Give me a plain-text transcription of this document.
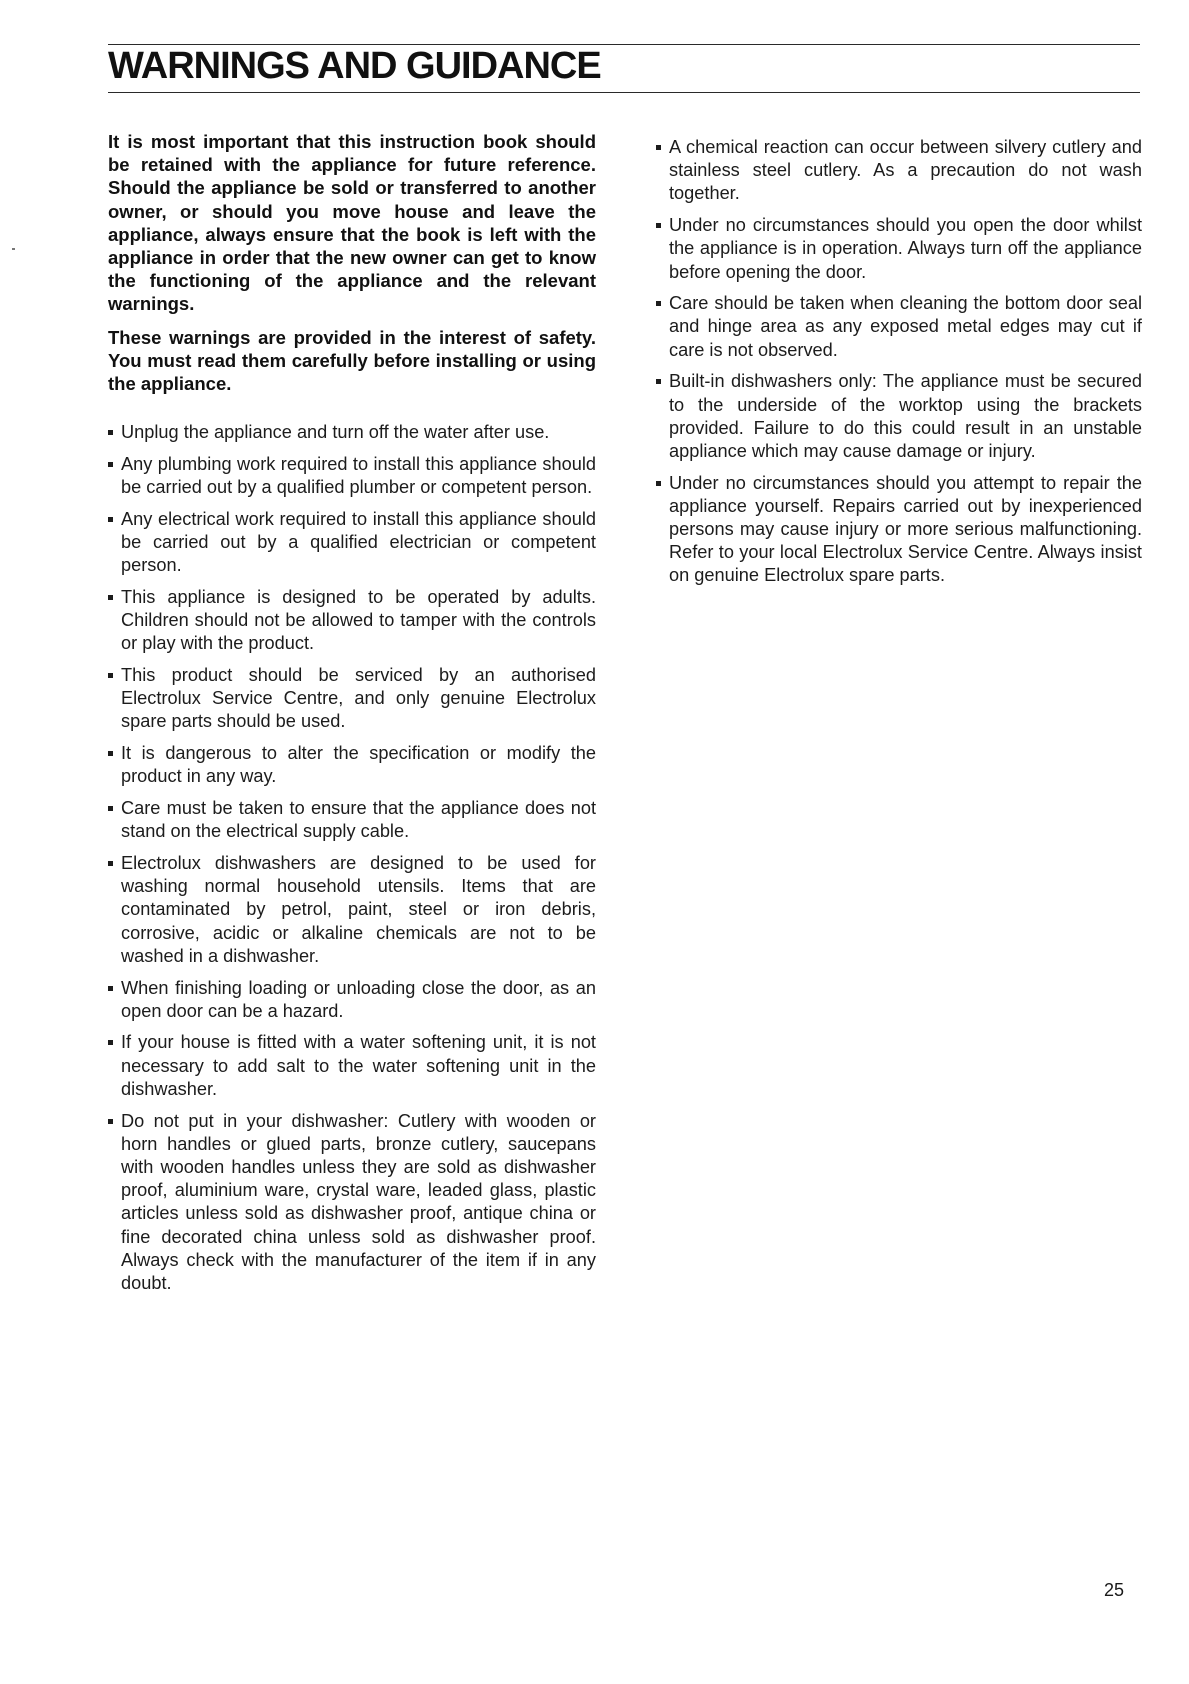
WARNINGS AND GUIDANCE

It is most important that this instruction book should be retained with the appliance for future reference. Should the appliance be sold or transferred to another owner, or should you move house and leave the appliance, always ensure that the book is left with the appliance in order that the new owner can get to know the functioning of the appliance and the relevant warnings.

These warnings are provided in the interest of safety. You must read them carefully before installing or using the appliance.

Unplug the appliance and turn off the water after use.
Any plumbing work required to install this appliance should be carried out by a qualified plumber or competent person.
Any electrical work required to install this appliance should be carried out by a qualified electrician or competent person.
This appliance is designed to be operated by adults. Children should not be allowed to tamper with the controls or play with the product.
This product should be serviced by an authorised Electrolux Service Centre, and only genuine Electrolux spare parts should be used.
It is dangerous to alter the specification or modify the product in any way.
Care must be taken to ensure that the appliance does not stand on the electrical supply cable.
Electrolux dishwashers are designed to be used for washing normal household utensils. Items that are contaminated by petrol, paint, steel or iron debris, corrosive, acidic or alkaline chemicals are not to be washed in a dishwasher.
When finishing loading or unloading close the door, as an open door can be a hazard.
If your house is fitted with a water softening unit, it is not necessary to add salt to the water softening unit in the dishwasher.
Do not put in your dishwasher: Cutlery with wooden or horn handles or glued parts, bronze cutlery, saucepans with wooden handles unless they are sold as dishwasher proof, aluminium ware, crystal ware, leaded glass, plastic articles unless sold as dishwasher proof, antique china or fine decorated china unless sold as dishwasher proof. Always check with the manufacturer of the item if in any doubt.
A chemical reaction can occur between silvery cutlery and stainless steel cutlery. As a precaution do not wash together.
Under no circumstances should you open the door whilst the appliance is in operation. Always turn off the appliance before opening the door.
Care should be taken when cleaning the bottom door seal and hinge area as any exposed metal edges may cut if care is not observed.
Built-in dishwashers only: The appliance must be secured to the underside of the worktop using the brackets provided. Failure to do this could result in an unstable appliance which may cause damage or injury.
Under no circumstances should you attempt to repair the appliance yourself. Repairs carried out by inexperienced persons may cause injury or more serious malfunctioning. Refer to your local Electrolux Service Centre. Always insist on genuine Electrolux spare parts.
25
